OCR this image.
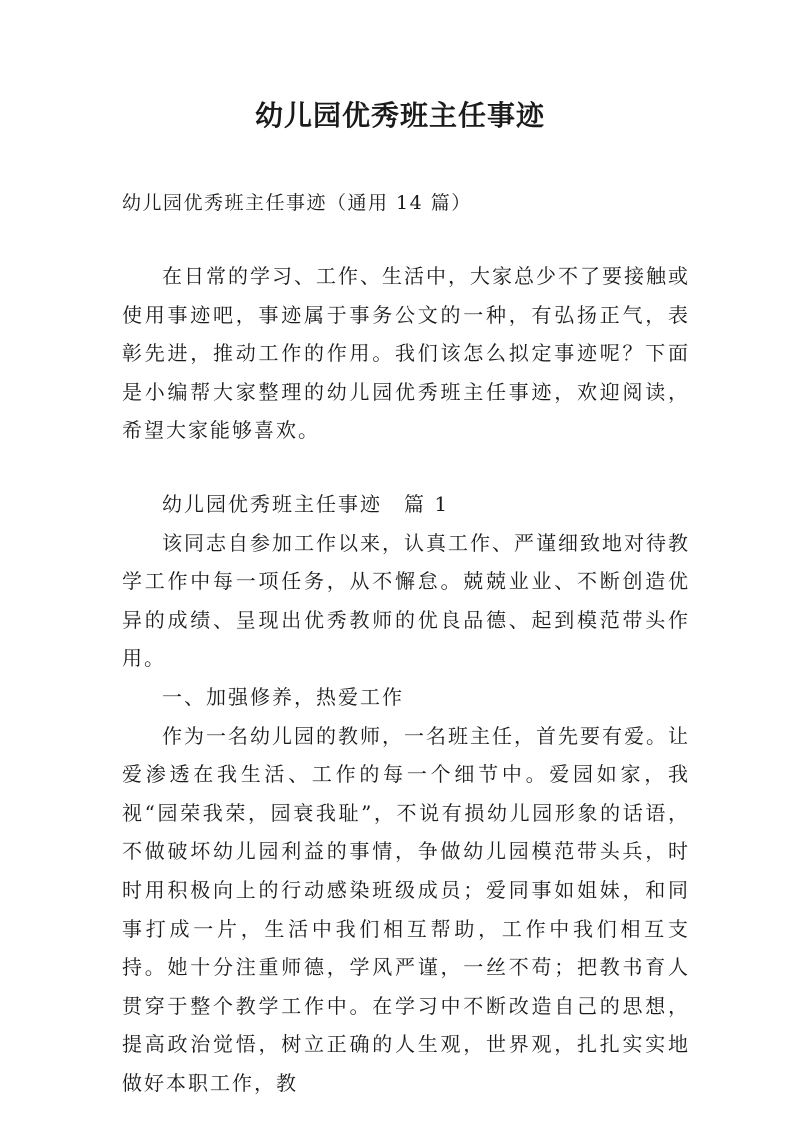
幼儿园优秀班主任事迹
幼儿园优秀班主任事迹（通用 14 篇）
在日常的学习、工作、生活中，大家总少不了要接触或使用事迹吧，事迹属于事务公文的一种，有弘扬正气，表彰先进，推动工作的作用。我们该怎么拟定事迹呢？下面是小编帮大家整理的幼儿园优秀班主任事迹，欢迎阅读，希望大家能够喜欢。

幼儿园优秀班主任事迹　篇 1

该同志自参加工作以来，认真工作、严谨细致地对待教学工作中每一项任务，从不懈怠。兢兢业业、不断创造优异的成绩、呈现出优秀教师的优良品德、起到模范带头作用。

一、加强修养，热爱工作

作为一名幼儿园的教师，一名班主任，首先要有爱。让爱渗透在我生活、工作的每一个细节中。爱园如家，我视“园荣我荣，园衰我耻”，不说有损幼儿园形象的话语，不做破坏幼儿园利益的事情，争做幼儿园模范带头兵，时时用积极向上的行动感染班级成员；爱同事如姐妹，和同事打成一片，生活中我们相互帮助，工作中我们相互支持。她十分注重师德，学风严谨，一丝不苟；把教书育人贯穿于整个教学工作中。在学习中不断改造自己的思想，提高政治觉悟，树立正确的人生观，世界观，扎扎实实地做好本职工作，教
